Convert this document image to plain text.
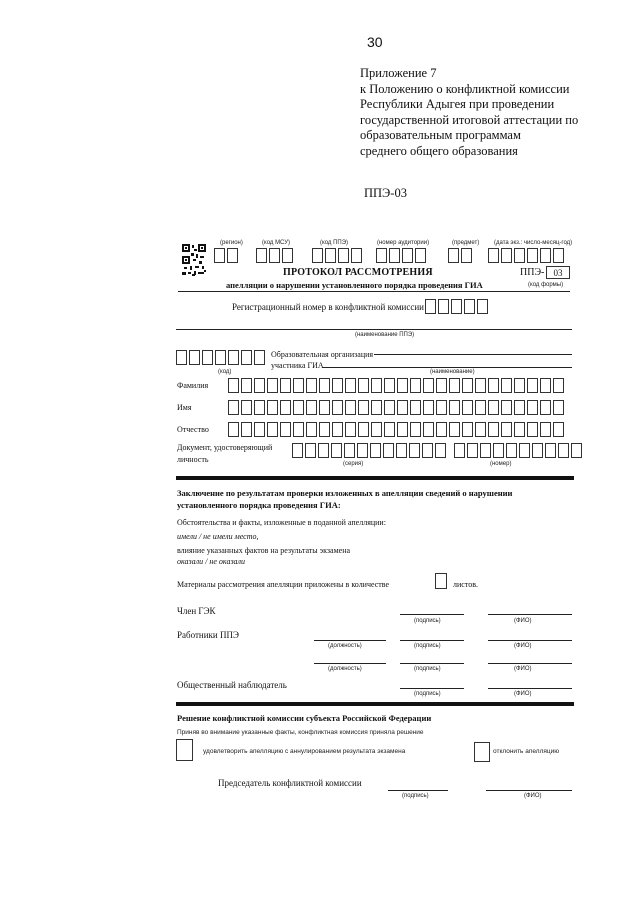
30
Приложение 7
к Положению о конфликтной комиссии
Республики Адыгея при проведении
государственной итоговой аттестации по
образовательным программам
среднего общего образования
ППЭ-03
(регион)	(код МСУ)	(код ППЭ)	(номер аудитории)	(предмет) (дата экз.: число-месяц-год)
ПРОТОКОЛ РАССМОТРЕНИЯ
апелляции о нарушении установленного порядка проведения ГИА
ППЭ-	03
(код формы)
Регистрационный номер в конфликтной комиссии
(наименование ППЭ)
Образовательная организация
участника ГИА
(код)	(наименование)
Фамилия
Имя
Отчество
Документ, удостоверяющий
личность	(серия)	(номер)
Заключение по результатам проверки изложенных в апелляции сведений о нарушении
установленного порядка проведения ГИА:
Обстоятельства и факты, изложенные в поданной апелляции:
имели / не имели место,
влияние указанных фактов на результаты экзамена
оказали / не оказали
Материалы рассмотрения апелляции приложены в количестве	листов.
Член ГЭК
(подпись)	(ФИО)
Работники ППЭ
(должность)	(подпись)	(ФИО)
(должность)	(подпись)	(ФИО)
Общественный наблюдатель
(подпись)	(ФИО)
Решение конфликтной комиссии субъекта Российской Федерации
Приняв во внимание указанные факты, конфликтная комиссия приняла решение
удовлетворить апелляцию с аннулированием результата экзамена	отклонить апелляцию
Председатель конфликтной комиссии
(подпись)	(ФИО)
